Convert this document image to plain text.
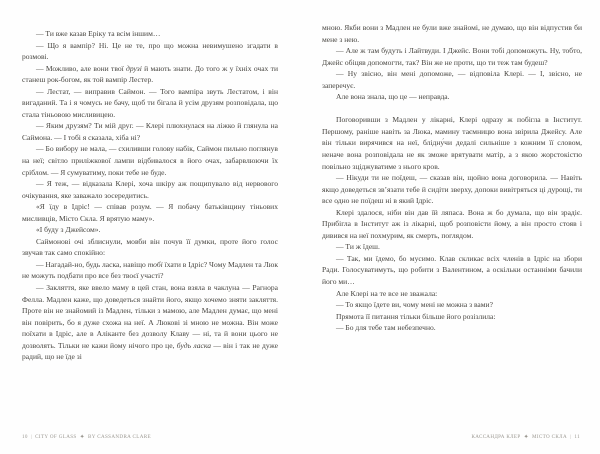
— Ти вже казав Еріку та всім іншим…

— Що я вампір? Ні. Це не те, про що можна невимушено згадати в розмові.

— Можливо, але вони твої друзі й мають знати. До того ж у їхніх очах ти станеш рок-богом, як той вампір Лестер.

— Лестат, — виправив Саймон. — Того вампіра звуть Лестатом, і він вигаданий. Та і я чомусь не бачу, щоб ти бігала й усім друзям розповідала, що стала тіньовою мисливицею.

— Яким друзям? Ти мій друг. — Клері плюхнулася на ліжко й глянула на Саймона. — І тобі я сказала, хіба ні?

— Бо вибору не мала, — схиливши голову набік, Саймон пильно поглянув на неї; світло приліжкової лампи відбивалося в його очах, забарвлюючи їх сріблом. — Я сумуватиму, поки тебе не буде.

— Я теж, — відказала Клері, хоча шкіру аж пощипувало від нервового очікування, яке заважало зосередитись.

«Я їду в Ідріс! — співав розум. — Я побачу батьківщину тіньових мисливців, Місто Скла. Я врятую маму».

«І буду з Джейсом».

Саймонові очі зблиснули, мовби він почув її думки, проте його голос звучав так само спокійно:

— Нагадай-но, будь ласка, навіщо тобі їхати в Ідріс? Чому Мадлен та Люк не можуть подбати про все без твоєї участі?

— Закляття, яке ввело маму в цей стан, вона взяла в чаклуна — Рагнора Фелла. Мадлен каже, що доведеться знайти його, якщо хочемо зняти закляття. Проте він не знайомий із Мадлен, тільки з мамою, але Мадлен думає, що мені він повірить, бо я дуже схожа на неї. А Люкові зі мною не можна. Він може поїхати в Ідріс, але в Аліканте без дозволу Клаву — ні, та й вони цього не дозволять. Тільки не кажи йому нічого про це, будь ласка — він і так не дуже радий, що не їде зі

10 | CITY OF GLASS ✦ BY CASSANDRA CLARE

мною. Якби вони з Мадлен не були вже знайомі, не думаю, що він відпустив би мене з нею.

— Але ж там будуть і Лайтвуди. І Джейс. Вони тобі допоможуть. Ну, тобто, Джейс обіцяв допомогти, так? Він же не проти, що ти теж там будеш?

— Ну звісно, він мені допоможе, — відповіла Клері. — І, звісно, не заперечує.

Але вона знала, що це — неправда.

Поговоривши з Мадлен у лікарні, Клері одразу ж побігла в Інститут. Першому, раніше навіть за Люка, мамину таємницю вона звірила Джейсу. Але він тільки вирячився на неї, блідну́чи дедалі сильніше з кожним її словом, неначе вона розповідала не як зможе врятувати матір, а з якою жорстокістю повільно зціджуватиме з нього кров.

— Нікуди ти не поїдеш, — сказав він, щойно вона договорила. — Навіть якщо доведеться зв’язати тебе й сидіти зверху, допоки вивітряться ці дурощі, ти все одно не поїдеш ні в який Ідріс.

Клері здалося, ніби він дав їй ляпаса. Вона ж бо думала, що він зрадіє. Прибігла в Інститут аж із лікарні, щоб розповісти йому, а він просто стояв і дивився на неї похмурим, як смерть, поглядом.

— Ти ж їдеш.

— Так, ми їдемо, бо мусимо. Клав скликає всіх членів в Ідріс на збори Ради. Голосуватимуть, що робити з Валентином, а оскільки останніми бачили його ми…

Але Клері на те все не зважала:

— То якщо їдете ви, чому мені не можна з вами?

Прямота її питання тільки більше його розізлила:

— Бо для тебе там небезпечно.

КАССАНДРА КЛЕР ✦ МІСТО СКЛА | 11
